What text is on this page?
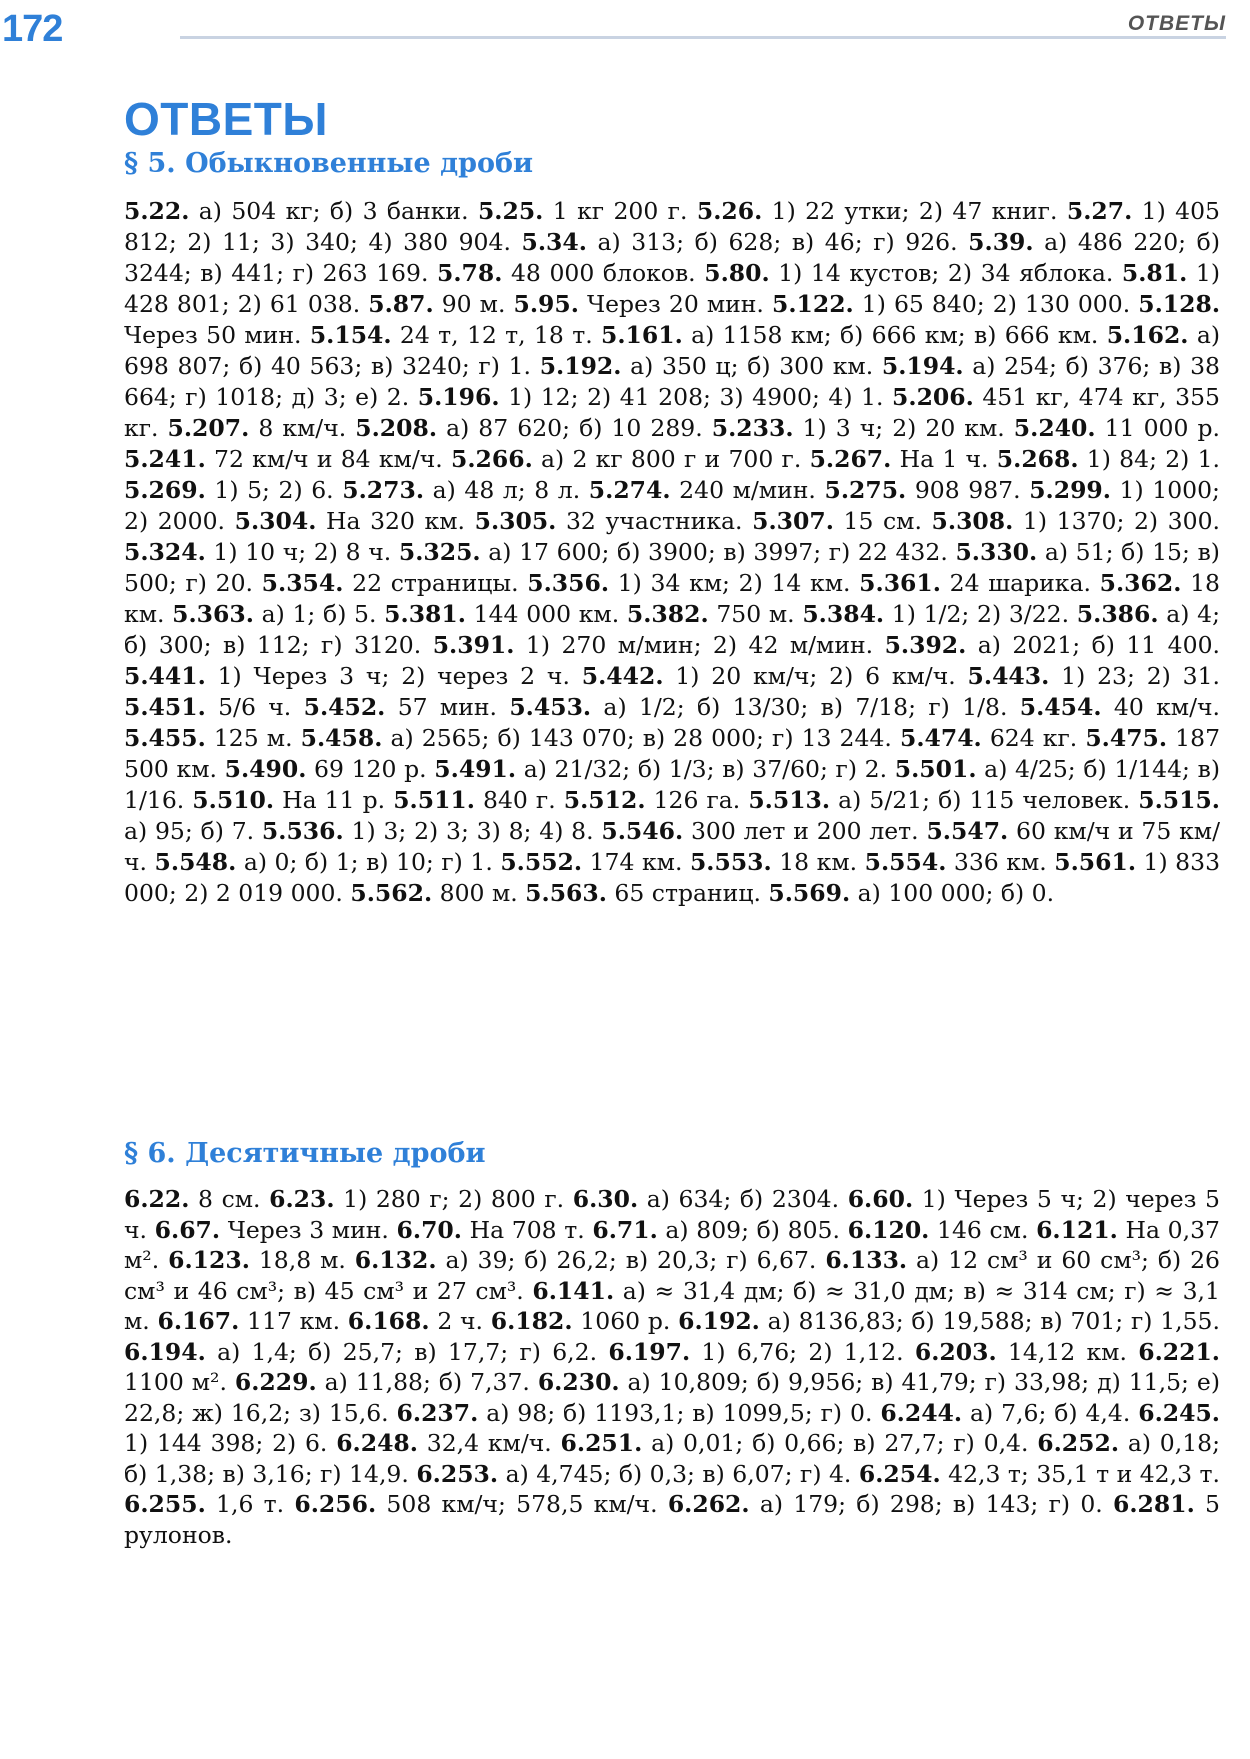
172	ОТВЕТЫ
ОТВЕТЫ
§ 5. Обыкновенные дроби

5.22. а) 504 кг; б) 3 банки. 5.25. 1 кг 200 г. 5.26. 1) 22 утки; 2) 47 книг. 5.27. 1) 405 812; 2) 11; 3) 340; 4) 380 904. 5.34. а) 313; б) 628; в) 46; г) 926. 5.39. а) 486 220; б) 3244; в) 441; г) 263 169. 5.78. 48 000 блоков. 5.80. 1) 14 кустов; 2) 34 яблока. 5.81. 1) 428 801; 2) 61 038. 5.87. 90 м. 5.95. Через 20 мин. 5.122. 1) 65 840; 2) 130 000. 5.128. Через 50 мин. 5.154. 24 т, 12 т, 18 т. 5.161. а) 1158 км; б) 666 км; в) 666 км. 5.162. а) 698 807; б) 40 563; в) 3240; г) 1. 5.192. а) 350 ц; б) 300 км. 5.194. а) 254; б) 376; в) 38 664; г) 1018; д) 3; е) 2. 5.196. 1) 12; 2) 41 208; 3) 4900; 4) 1. 5.206. 451 кг, 474 кг, 355 кг. 5.207. 8 км/ч. 5.208. а) 87 620; б) 10 289. 5.233. 1) 3 ч; 2) 20 км. 5.240. 11 000 р. 5.241. 72 км/ч и 84 км/ч. 5.266. а) 2 кг 800 г и 700 г. 5.267. На 1 ч. 5.268. 1) 84; 2) 1. 5.269. 1) 5; 2) 6. 5.273. а) 48 л; 8 л. 5.274. 240 м/мин. 5.275. 908 987. 5.299. 1) 1000; 2) 2000. 5.304. На 320 км. 5.305. 32 участника. 5.307. 15 см. 5.308. 1) 1370; 2) 300. 5.324. 1) 10 ч; 2) 8 ч. 5.325. а) 17 600; б) 3900; в) 3997; г) 22 432. 5.330. а) 51; б) 15; в) 500; г) 20. 5.354. 22 страницы. 5.356. 1) 34 км; 2) 14 км. 5.361. 24 шарика. 5.362. 18 км. 5.363. а) 1; б) 5. 5.381. 144 000 км. 5.382. 750 м. 5.384. 1) 1/2; 2) 3/22. 5.386. а) 4; б) 300; в) 112; г) 3120. 5.391. 1) 270 м/мин; 2) 42 м/мин. 5.392. а) 2021; б) 11 400. 5.441. 1) Через 3 ч; 2) через 2 ч. 5.442. 1) 20 км/ч; 2) 6 км/ч. 5.443. 1) 23; 2) 31. 5.451. 5/6 ч. 5.452. 57 мин. 5.453. а) 1/2; б) 13/30; в) 7/18; г) 1/8. 5.454. 40 км/ч. 5.455. 125 м. 5.458. а) 2565; б) 143 070; в) 28 000; г) 13 244. 5.474. 624 кг. 5.475. 187 500 км. 5.490. 69 120 р. 5.491. а) 21/32; б) 1/3; в) 37/60; г) 2. 5.501. а) 4/25; б) 1/144; в) 1/16. 5.510. На 11 р. 5.511. 840 г. 5.512. 126 га. 5.513. а) 5/21; б) 115 человек. 5.515. а) 95; б) 7. 5.536. 1) 3; 2) 3; 3) 8; 4) 8. 5.546. 300 лет и 200 лет. 5.547. 60 км/ч и 75 км/ч. 5.548. а) 0; б) 1; в) 10; г) 1. 5.552. 174 км. 5.553. 18 км. 5.554. 336 км. 5.561. 1) 833 000; 2) 2 019 000. 5.562. 800 м. 5.563. 65 страниц. 5.569. а) 100 000; б) 0.

§ 6. Десятичные дроби

6.22. 8 см. 6.23. 1) 280 г; 2) 800 г. 6.30. а) 634; б) 2304. 6.60. 1) Через 5 ч; 2) через 5 ч. 6.67. Через 3 мин. 6.70. На 708 т. 6.71. а) 809; б) 805. 6.120. 146 см. 6.121. На 0,37 м². 6.123. 18,8 м. 6.132. а) 39; б) 26,2; в) 20,3; г) 6,67. 6.133. а) 12 см³ и 60 см³; б) 26 см³ и 46 см³; в) 45 см³ и 27 см³. 6.141. а) ≈ 31,4 дм; б) ≈ 31,0 дм; в) ≈ 314 см; г) ≈ 3,1 м. 6.167. 117 км. 6.168. 2 ч. 6.182. 1060 р. 6.192. а) 8136,83; б) 19,588; в) 701; г) 1,55. 6.194. а) 1,4; б) 25,7; в) 17,7; г) 6,2. 6.197. 1) 6,76; 2) 1,12. 6.203. 14,12 км. 6.221. 1100 м². 6.229. а) 11,88; б) 7,37. 6.230. а) 10,809; б) 9,956; в) 41,79; г) 33,98; д) 11,5; е) 22,8; ж) 16,2; з) 15,6. 6.237. а) 98; б) 1193,1; в) 1099,5; г) 0. 6.244. а) 7,6; б) 4,4. 6.245. 1) 144 398; 2) 6. 6.248. 32,4 км/ч. 6.251. а) 0,01; б) 0,66; в) 27,7; г) 0,4. 6.252. а) 0,18; б) 1,38; в) 3,16; г) 14,9. 6.253. а) 4,745; б) 0,3; в) 6,07; г) 4. 6.254. 42,3 т; 35,1 т и 42,3 т. 6.255. 1,6 т. 6.256. 508 км/ч; 578,5 км/ч. 6.262. а) 179; б) 298; в) 143; г) 0. 6.281. 5 рулонов.
